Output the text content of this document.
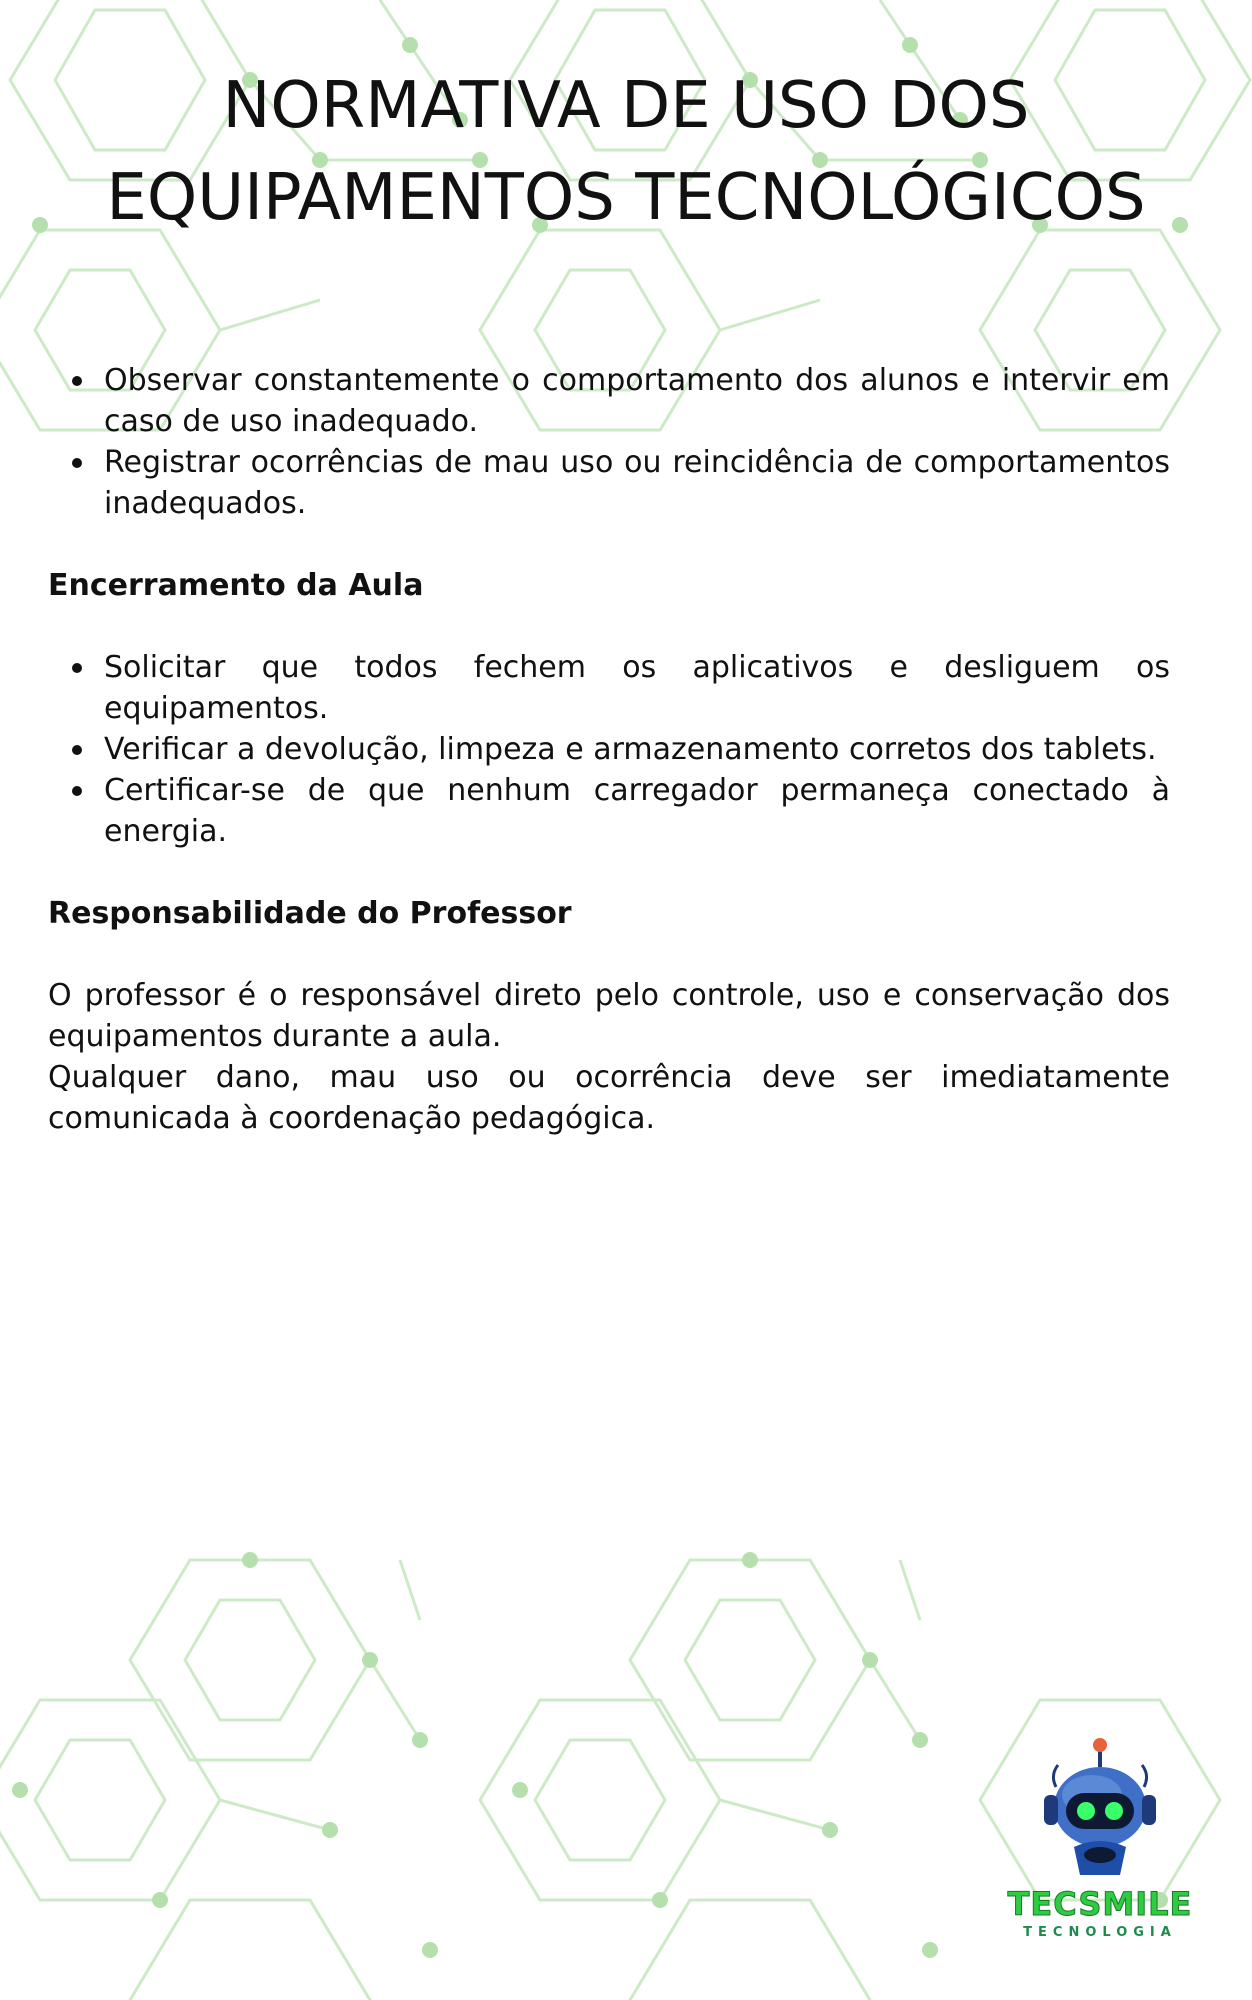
NORMATIVA DE USO DOS
EQUIPAMENTOS TECNOLÓGICOS
Observar constantemente o comportamento dos alunos e intervir em caso de uso inadequado.
Registrar ocorrências de mau uso ou reincidência de comportamentos inadequados.
Encerramento da Aula
Solicitar que todos fechem os aplicativos e desliguem os equipamentos.
Verificar a devolução, limpeza e armazenamento corretos dos tablets.
Certificar-se de que nenhum carregador permaneça conectado à energia.
Responsabilidade do Professor

O professor é o responsável direto pelo controle, uso e conservação dos equipamentos durante a aula.

Qualquer dano, mau uso ou ocorrência deve ser imediatamente comunicada à coordenação pedagógica.

TECSMILE
TECNOLOGIA
